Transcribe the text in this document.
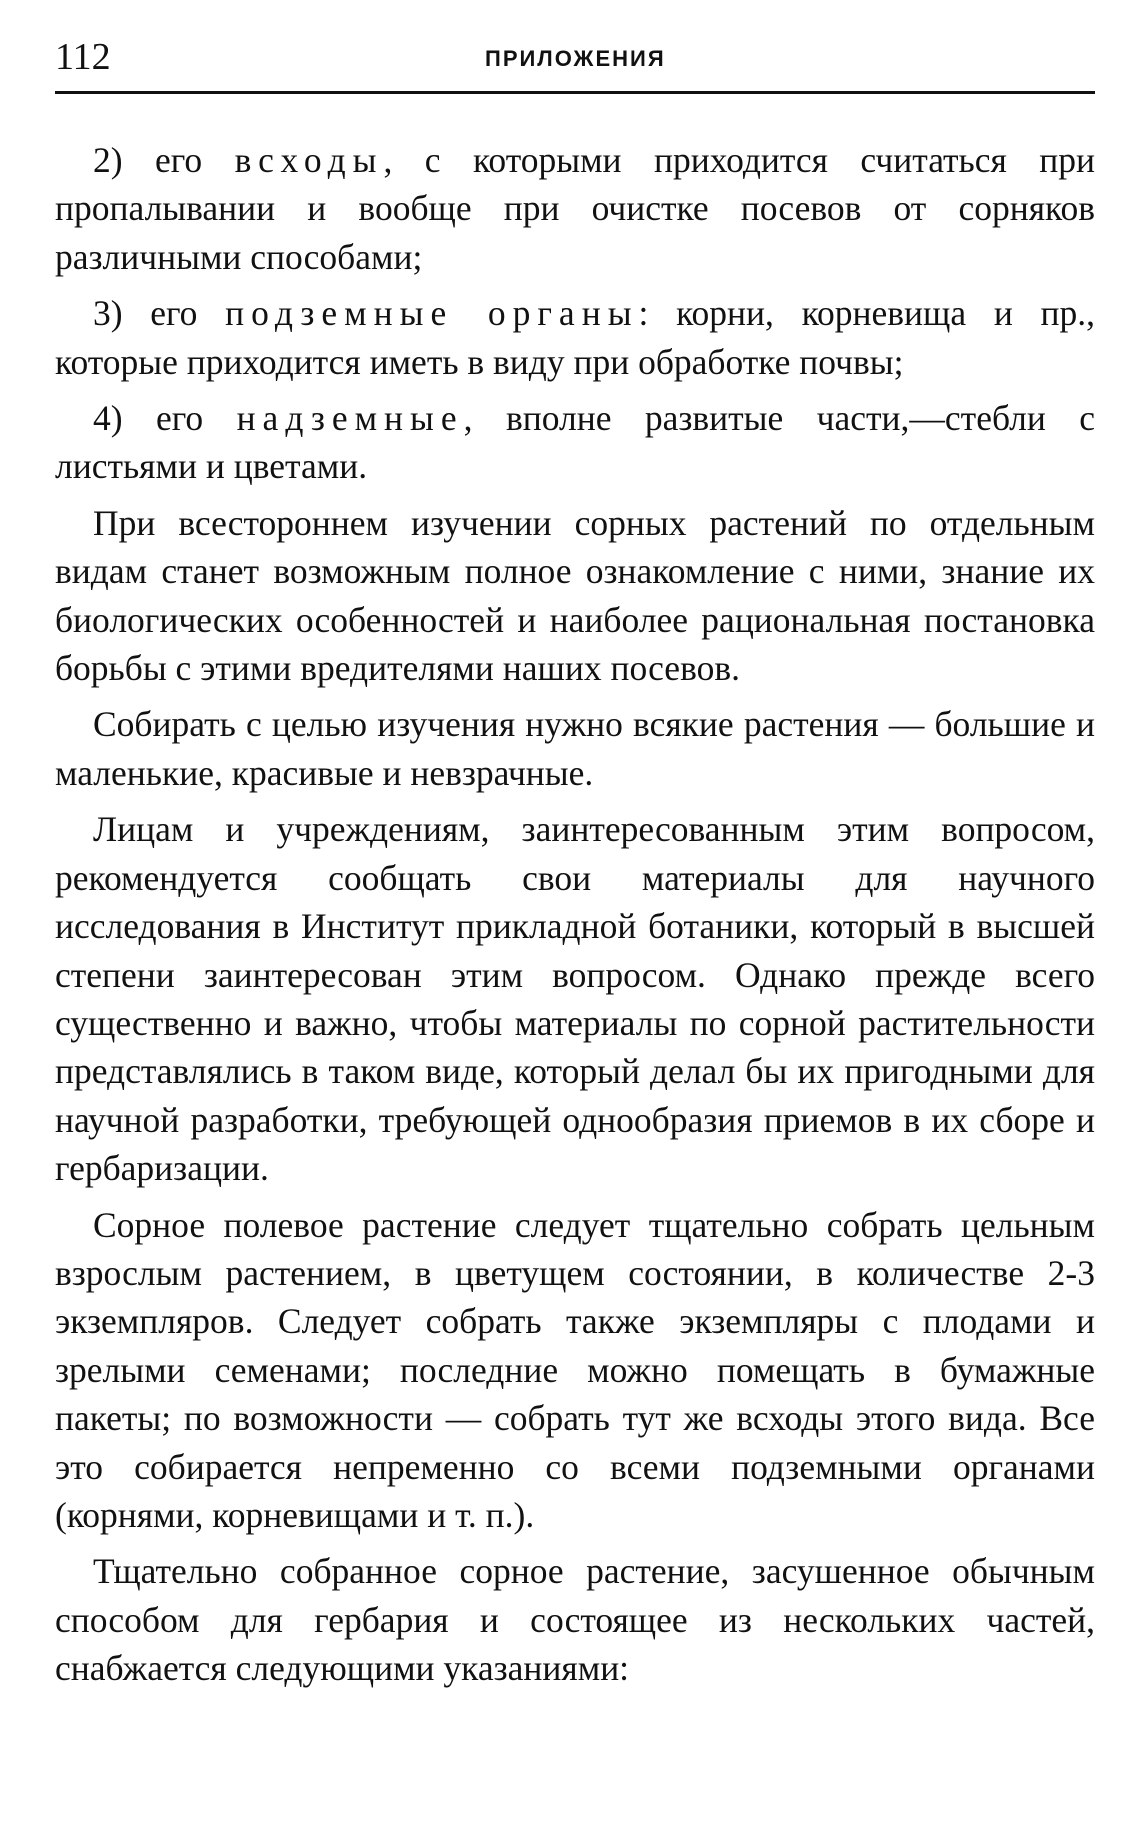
112	ПРИЛОЖЕНИЯ

2) его всходы, с которыми приходится считаться при пропалывании и вообще при очистке посевов от сорняков различными способами;

3) его подземные органы: корни, корневища и пр., которые приходится иметь в виду при обработке почвы;

4) его надземные, вполне развитые части,—стебли с листьями и цветами.

При всестороннем изучении сорных растений по отдельным видам станет возможным полное ознакомление с ними, знание их биологических особенностей и наиболее рациональная постановка борьбы с этими вредителями наших посевов.

Собирать с целью изучения нужно всякие растения — большие и маленькие, красивые и невзрачные.

Лицам и учреждениям, заинтересованным этим вопросом, рекомендуется сообщать свои материалы для научного исследования в Институт прикладной ботаники, который в высшей степени заинтересован этим вопросом. Однако прежде всего существенно и важно, чтобы материалы по сорной растительности представлялись в таком виде, который делал бы их пригодными для научной разработки, требующей однообразия приемов в их сборе и гербаризации.

Сорное полевое растение следует тщательно собрать цельным взрослым растением, в цветущем состоянии, в количестве 2-3 экземпляров. Следует собрать также экземпляры с плодами и зрелыми семенами; последние можно помещать в бумажные пакеты; по возможности — собрать тут же всходы этого вида. Все это собирается непременно со всеми подземными органами (корнями, корневищами и т. п.).

Тщательно собранное сорное растение, засушенное обычным способом для гербария и состоящее из нескольких частей, снабжается следующими указаниями:
